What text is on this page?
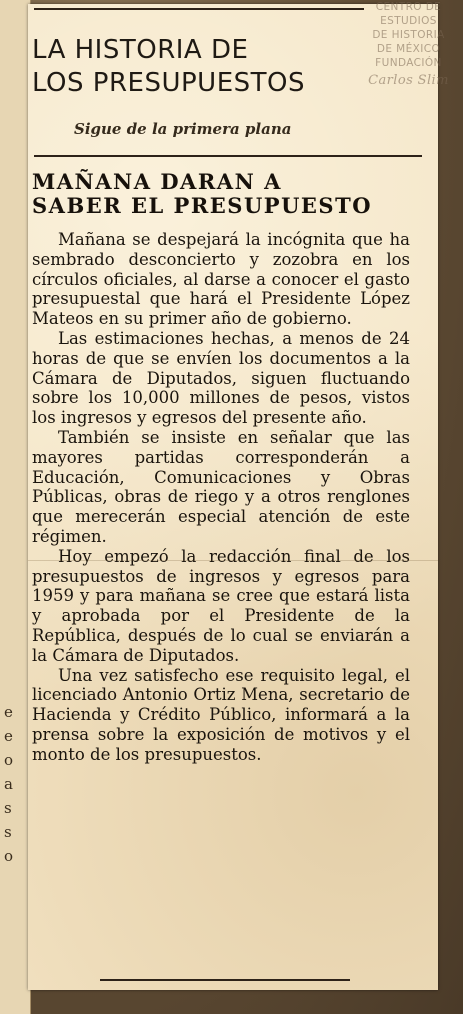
e
e
o
a
s
s
o
LA HISTORIA DE
LOS PRESUPUESTOS
Sigue de la primera plana
MAÑANA DARAN A
SABER EL PRESUPUESTO

Mañana se despejará la incógnita que ha sembrado desconcierto y zozobra en los círculos oficiales, al darse a conocer el gasto presupuestal que hará el Presidente López Mateos en su primer año de gobierno.

Las estimaciones hechas, a menos de 24 horas de que se envíen los documentos a la Cámara de Diputados, siguen fluctuando sobre los 10,000 millones de pesos, vistos los ingresos y egresos del presente año.

También se insiste en señalar que las mayores partidas corresponderán a Educación, Comunicaciones y Obras Públicas, obras de riego y a otros renglones que merecerán especial atención de este régimen.

Hoy empezó la redacción final de los presupuestos de ingresos y egresos para 1959 y para mañana se cree que estará lista y aprobada por el Presidente de la República, después de lo cual se enviarán a la Cámara de Diputados.

Una vez satisfecho ese requisito legal, el licenciado Antonio Ortiz Mena, secretario de Hacienda y Crédito Público, informará a la prensa sobre la exposición de motivos y el monto de los presupuestos.

CENTRO DE
ESTUDIOS
DE HISTORIA
DE MÉXICO
FUNDACIÓN
Carlos Slim
